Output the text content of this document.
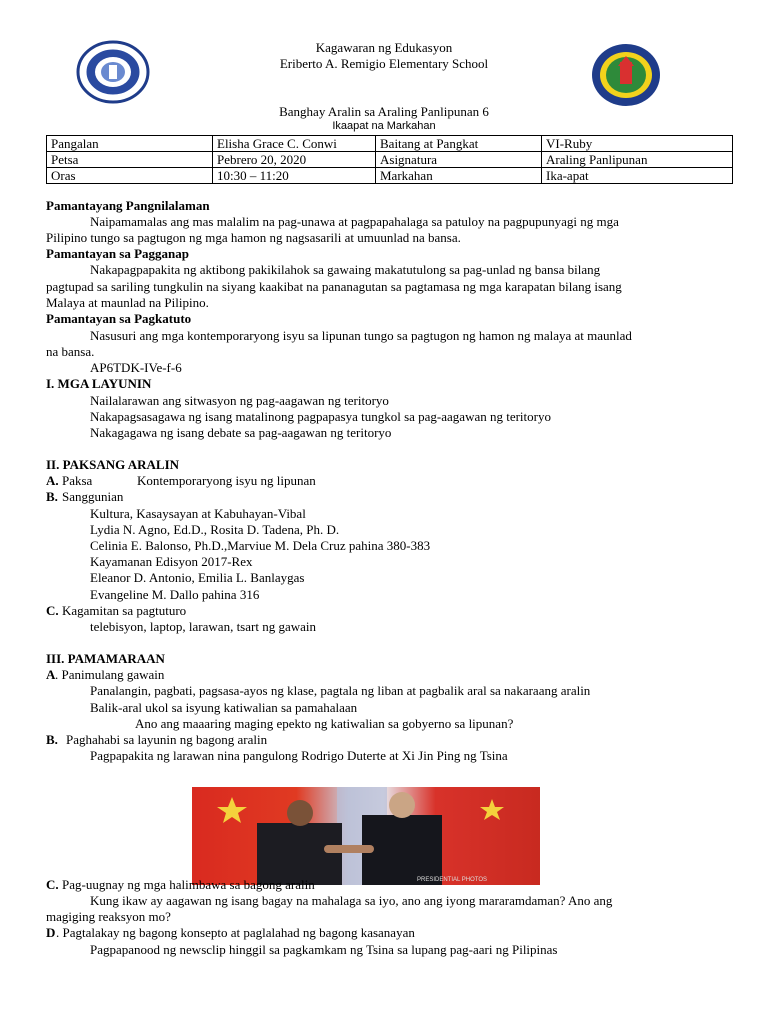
Kagawaran ng Edukasyon
Eriberto A. Remigio Elementary School
Banghay Aralin sa Araling Panlipunan 6
Ikaapat na Markahan
Pangalan	Elisha Grace C. Conwi	Baitang at Pangkat	VI-Ruby
Petsa	Pebrero 20, 2020	Asignatura	Araling Panlipunan
Oras	10:30 – 11:20	Markahan	Ika-apat
Pamantayang Pangnilalaman
Naipamamalas ang mas malalim na pag-unawa at pagpapahalaga sa patuloy na pagpupunyagi ng mga
Pilipino tungo sa pagtugon ng mga hamon ng nagsasarili at umuunlad na bansa.
Pamantayan sa Pagganap
Nakapagpapakita ng aktibong pakikilahok sa gawaing makatutulong sa pag-unlad ng bansa bilang
pagtupad sa sariling tungkulin na siyang kaakibat na pananagutan sa pagtamasa ng mga karapatan bilang isang
Malaya at maunlad na Pilipino.
Pamantayan sa Pagkatuto
Nasusuri ang mga kontemporaryong isyu sa lipunan tungo sa pagtugon ng hamon ng malaya at maunlad
na bansa.
AP6TDK-IVe-f-6
I. MGA LAYUNIN
Nailalarawan ang sitwasyon ng pag-aagawan ng teritoryo
Nakapagsasagawa ng isang matalinong pagpapasya tungkol sa pag-aagawan ng teritoryo
Nakagagawa ng isang debate sa pag-aagawan ng teritoryo
II. PAKSANG ARALIN
A. Paksa	Kontemporaryong isyu ng lipunan
B. Sanggunian
Kultura, Kasaysayan at Kabuhayan-Vibal
Lydia N. Agno, Ed.D., Rosita D. Tadena, Ph. D.
Celinia E. Balonso, Ph.D.,Marviue M. Dela Cruz pahina 380-383
Kayamanan Edisyon 2017-Rex
Eleanor D. Antonio, Emilia L. Banlaygas
Evangeline M. Dallo pahina 316
C. Kagamitan sa pagtuturo
telebisyon, laptop, larawan, tsart ng gawain
III. PAMAMARAAN
A . Panimulang gawain
Panalangin, pagbati, pagsasa-ayos ng klase, pagtala ng liban at pagbalik aral sa nakaraang aralin
Balik-aral ukol sa isyung katiwalian sa pamahalaan
Ano ang maaaring maging epekto ng katiwalian sa gobyerno sa lipunan?
B. Paghahabi sa layunin ng bagong aralin
Pagpapakita ng larawan nina pangulong Rodrigo Duterte at Xi Jin Ping ng Tsina
PRESIDENTIAL PHOTOS
C. Pag-uugnay ng mga halimbawa sa bagong aralin
Kung ikaw ay aagawan ng isang bagay na mahalaga sa iyo, ano ang iyong mararamdaman? Ano ang
magiging reaksyon mo?
D . Pagtalakay ng bagong konsepto at paglalahad ng bagong kasanayan
Pagpapanood ng newsclip hinggil sa pagkamkam ng Tsina sa lupang pag-aari ng Pilipinas
